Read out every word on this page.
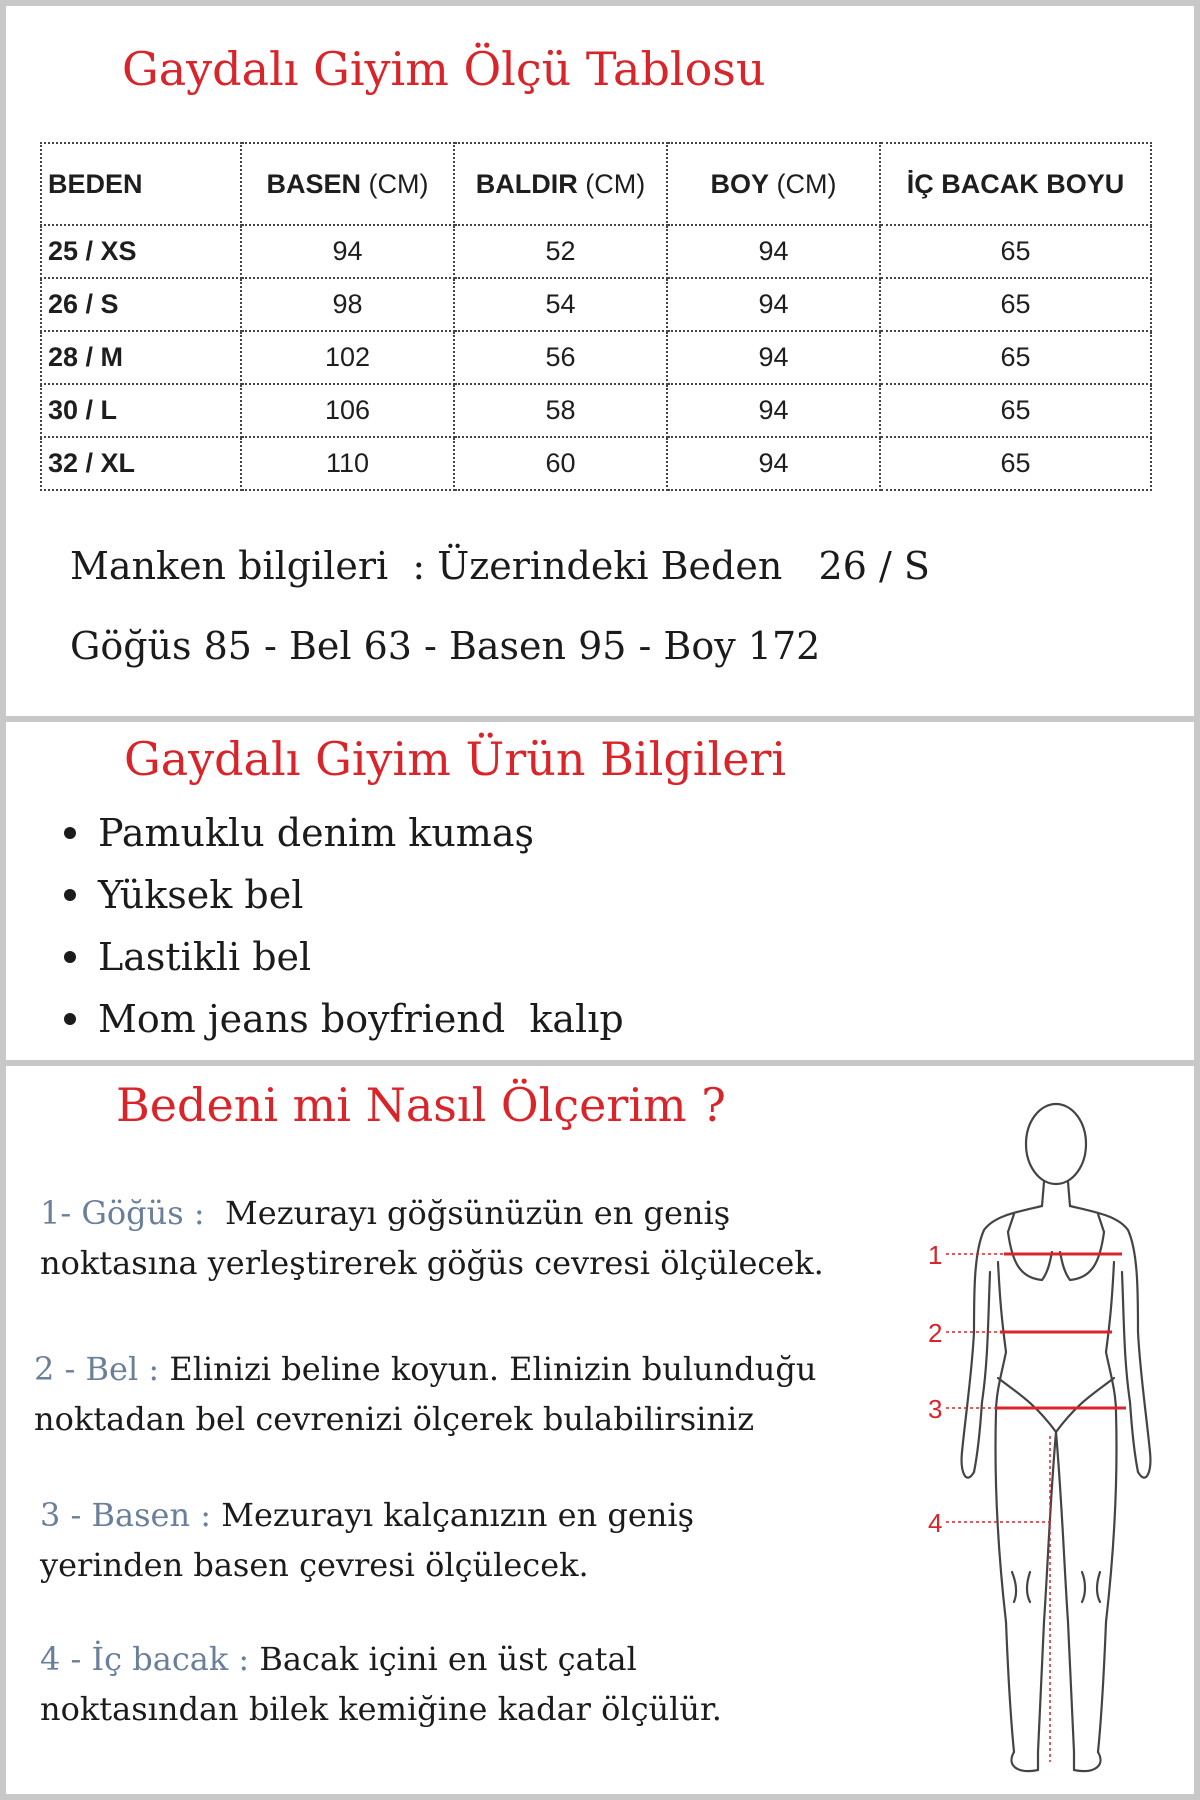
Gaydalı Giyim Ölçü Tablosu
BEDEN	BASEN (CM)	BALDIR (CM)	BOY (CM)	İÇ BACAK BOYU
25 / XS	94	52	94	65
26 / S	98	54	94	65
28 / M	102	56	94	65
30 / L	106	58	94	65
32 / XL	110	60	94	65
Manken bilgileri  : Üzerindeki Beden   26 / S
Göğüs 85 - Bel 63 - Basen 95 - Boy 172
Gaydalı Giyim Ürün Bilgileri
Pamuklu denim kumaş
Yüksek bel
Lastikli bel
Mom jeans boyfriend  kalıp
Bedeni mi Nasıl Ölçerim ?
1- Göğüs : Mezurayı göğsünüzün en geniş
noktasına yerleştirerek göğüs cevresi ölçülecek.
2 - Bel : Elinizi beline koyun. Elinizin bulunduğu
noktadan bel cevrenizi ölçerek bulabilirsiniz
3 - Basen : Mezurayı kalçanızın en geniş
yerinden basen çevresi ölçülecek.
4 - İç bacak : Bacak içini en üst çatal
noktasından bilek kemiğine kadar ölçülür.
1
2
3
4
